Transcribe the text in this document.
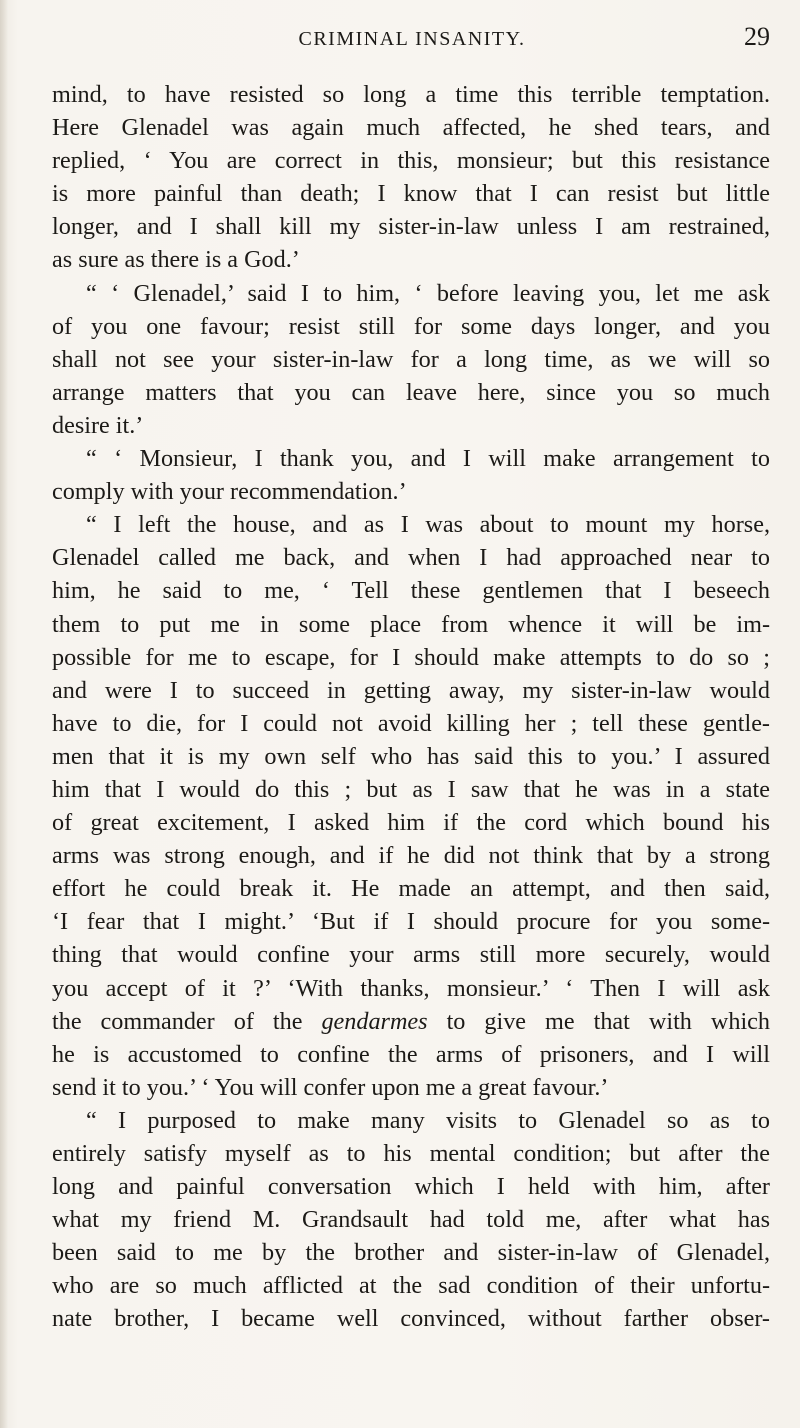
CRIMINAL INSANITY.	29
mind, to have resisted so long a time this terrible temptation.
Here Glenadel was again much affected, he shed tears, and
replied, ‘ You are correct in this, monsieur; but this resistance
is more painful than death; I know that I can resist but little
longer, and I shall kill my sister-in-law unless I am restrained,
as sure as there is a God.’
“ ‘ Glenadel,’ said I to him, ‘ before leaving you, let me ask
of you one favour; resist still for some days longer, and you
shall not see your sister-in-law for a long time, as we will so
arrange matters that you can leave here, since you so much
desire it.’
“ ‘ Monsieur, I thank you, and I will make arrangement to
comply with your recommendation.’
“ I left the house, and as I was about to mount my horse,
Glenadel called me back, and when I had approached near to
him, he said to me, ‘ Tell these gentlemen that I beseech
them to put me in some place from whence it will be im-
possible for me to escape, for I should make attempts to do so ;
and were I to succeed in getting away, my sister-in-law would
have to die, for I could not avoid killing her ; tell these gentle-
men that it is my own self who has said this to you.’ I assured
him that I would do this ; but as I saw that he was in a state
of great excitement, I asked him if the cord which bound his
arms was strong enough, and if he did not think that by a strong
effort he could break it. He made an attempt, and then said,
‘I fear that I might.’ ‘But if I should procure for you some-
thing that would confine your arms still more securely, would
you accept of it ?’ ‘With thanks, monsieur.’ ‘ Then I will ask
the commander of the gendarmes to give me that with which
he is accustomed to confine the arms of prisoners, and I will
send it to you.’ ‘ You will confer upon me a great favour.’
“ I purposed to make many visits to Glenadel so as to
entirely satisfy myself as to his mental condition; but after the
long and painful conversation which I held with him, after
what my friend M. Grandsault had told me, after what has
been said to me by the brother and sister-in-law of Glenadel,
who are so much afflicted at the sad condition of their unfortu-
nate brother, I became well convinced, without farther obser-
